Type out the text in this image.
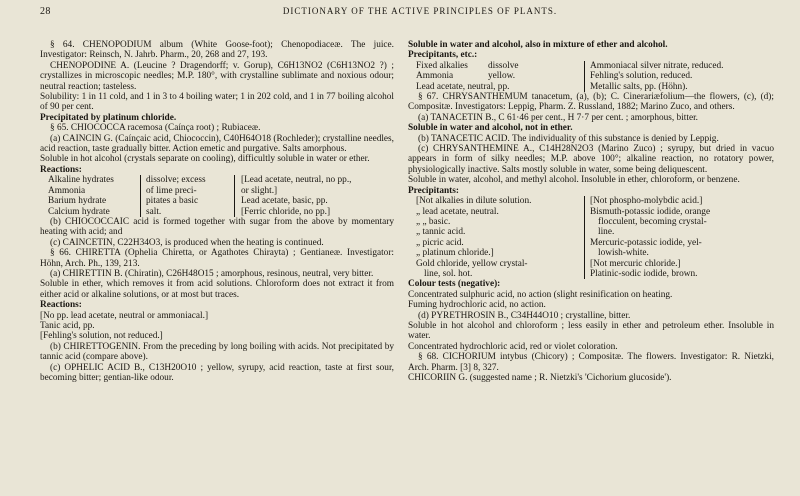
28	DICTIONARY OF THE ACTIVE PRINCIPLES OF PLANTS.

§ 64. CHENOPODIUM album (White Goose-foot); Chenopodiaceæ. The juice. Investigator: Reinsch, N. Jahrb. Pharm., 20, 268 and 27, 193.

CHENOPODINE A. (Leucine ? Dragendorff; v. Gorup), C6H13NO2 (C6H13NO2 ?) ; crystallizes in microscopic needles; M.P. 180°, with crystalline sublimate and noxious odour; neutral reaction; tasteless.

Solubility: 1 in 11 cold, and 1 in 3 to 4 boiling water; 1 in 202 cold, and 1 in 77 boiling alcohol of 90 per cent.

Precipitated by platinum chloride.

§ 65. CHIOCOCCA racemosa (Caínça root) ; Rubiaceæ.

(a) CAINCIN G. (Caínçaic acid, Chiococcin), C40H64O18 (Rochleder); crystalline needles, acid reaction, taste gradually bitter. Action emetic and purgative. Salts amorphous.

Soluble in hot alcohol (crystals separate on cooling), difficultly soluble in water or ether.

Reactions:

Alkaline hydrates
Ammonia
Barium hydrate
Calcium hydrate
dissolve; excess
of lime preci-
pitates a basic
salt.
[Lead acetate, neutral, no pp.,
or slight.]
Lead acetate, basic, pp.
[Ferric chloride, no pp.]

(b) CHIOCOCCAIC acid is formed together with sugar from the above by momentary heating with acid; and

(c) CAINCETIN, C22H34O3, is produced when the heating is continued.

§ 66. CHIRETTA (Ophelia Chiretta, or Agathotes Chirayta) ; Gentianeæ. Investigator: Höhn, Arch. Ph., 139, 213.

(a) CHIRETTIN B. (Chiratin), C26H48O15 ; amorphous, resinous, neutral, very bitter.

Soluble in ether, which removes it from acid solutions. Chloroform does not extract it from either acid or alkaline solutions, or at most but traces.

Reactions:

[No pp. lead acetate, neutral or ammoniacal.]

Tanic acid, pp.

[Fehling's solution, not reduced.]

(b) CHIRETTOGENIN. From the preceding by long boiling with acids. Not precipitated by tannic acid (compare above).

(c) OPHELIC ACID B., C13H20O10 ; yellow, syrupy, acid reaction, taste at first sour, becoming bitter; gentian-like odour.

Soluble in water and alcohol, also in mixture of ether and alcohol.

Precipitants, etc.:

Fixed alkalies
Ammonia
dissolve
yellow.
Lead acetate, neutral, pp.
Ammoniacal silver nitrate, reduced.
Fehling's solution, reduced.
Metallic salts, pp. (Höhn).

§ 67. CHRYSANTHEMUM tanacetum, (a), (b); C. Cinerariæfolium—the flowers, (c), (d); Compositæ. Investigators: Leppig, Pharm. Z. Russland, 1882; Marino Zuco, and others.

(a) TANACETIN B., C 61·46 per cent., H 7·7 per cent. ; amorphous, bitter.

Soluble in water and alcohol, not in ether.

(b) TANACETIC ACID. The individuality of this substance is denied by Leppig.

(c) CHRYSANTHEMINE A., C14H28N2O3 (Marino Zuco) ; syrupy, but dried in vacuo appears in form of silky needles; M.P. above 100°; alkaline reaction, no rotatory power, physiologically inactive. Salts mostly soluble in water, some being deliquescent.

Soluble in water, alcohol, and methyl alcohol. Insoluble in ether, chloroform, or benzene.

Precipitants:

[Not alkalies in dilute solution.
„ lead acetate, neutral.
„ „ basic.
„ tannic acid.
„ picric acid.
„ platinum chloride.]
Gold chloride, yellow crystal-
line, sol. hot.
[Not phospho-molybdic acid.]
Bismuth-potassic iodide, orange
flocculent, becoming crystal-
line.
Mercuric-potassic iodide, yel-
lowish-white.
[Not mercuric chloride.]
Platinic-sodic iodide, brown.

Colour tests (negative):

Concentrated sulphuric acid, no action (slight resinification on heating.

Fuming hydrochloric acid, no action.

(d) PYRETHROSIN B., C34H44O10 ; crystalline, bitter.

Soluble in hot alcohol and chloroform ; less easily in ether and petroleum ether. Insoluble in water.

Concentrated hydrochloric acid, red or violet coloration.

§ 68. CICHORIUM intybus (Chicory) ; Compositæ. The flowers. Investigator: R. Nietzki, Arch. Pharm. [3] 8, 327.

CHICORIIN G. (suggested name ; R. Nietzki's 'Cichorium glucoside').
